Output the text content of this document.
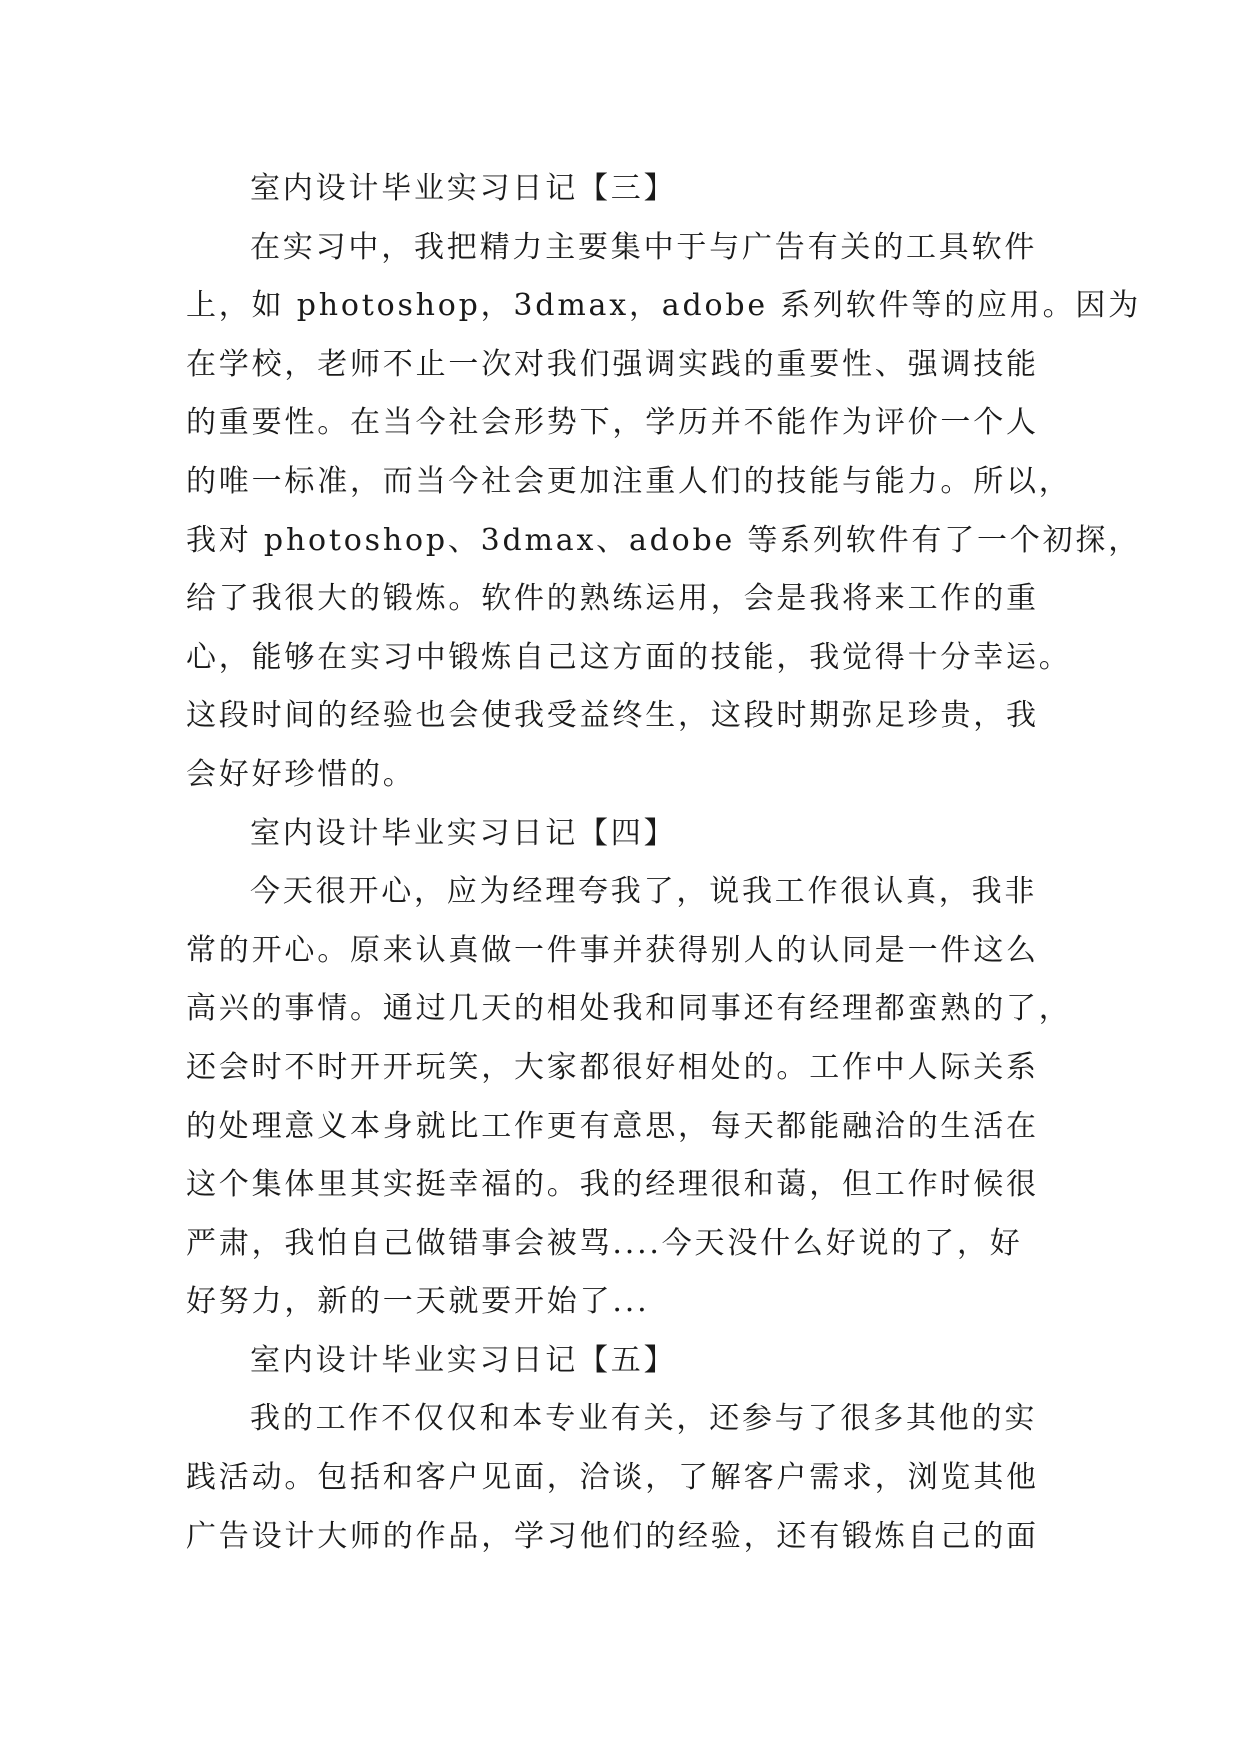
室内设计毕业实习日记【三】
在实习中，我把精力主要集中于与广告有关的工具软件
上，如 photoshop，3dmax，adobe 系列软件等的应用。因为
在学校，老师不止一次对我们强调实践的重要性、强调技能
的重要性。在当今社会形势下，学历并不能作为评价一个人
的唯一标准，而当今社会更加注重人们的技能与能力。所以，
我对 photoshop、3dmax、adobe 等系列软件有了一个初探，
给了我很大的锻炼。软件的熟练运用，会是我将来工作的重
心，能够在实习中锻炼自己这方面的技能，我觉得十分幸运。
这段时间的经验也会使我受益终生，这段时期弥足珍贵，我
会好好珍惜的。
室内设计毕业实习日记【四】
今天很开心，应为经理夸我了，说我工作很认真，我非
常的开心。原来认真做一件事并获得别人的认同是一件这么
高兴的事情。通过几天的相处我和同事还有经理都蛮熟的了，
还会时不时开开玩笑，大家都很好相处的。工作中人际关系
的处理意义本身就比工作更有意思，每天都能融洽的生活在
这个集体里其实挺幸福的。我的经理很和蔼，但工作时候很
严肃，我怕自己做错事会被骂....今天没什么好说的了，好
好努力，新的一天就要开始了...
室内设计毕业实习日记【五】
我的工作不仅仅和本专业有关，还参与了很多其他的实
践活动。包括和客户见面，洽谈，了解客户需求，浏览其他
广告设计大师的作品，学习他们的经验，还有锻炼自己的面
